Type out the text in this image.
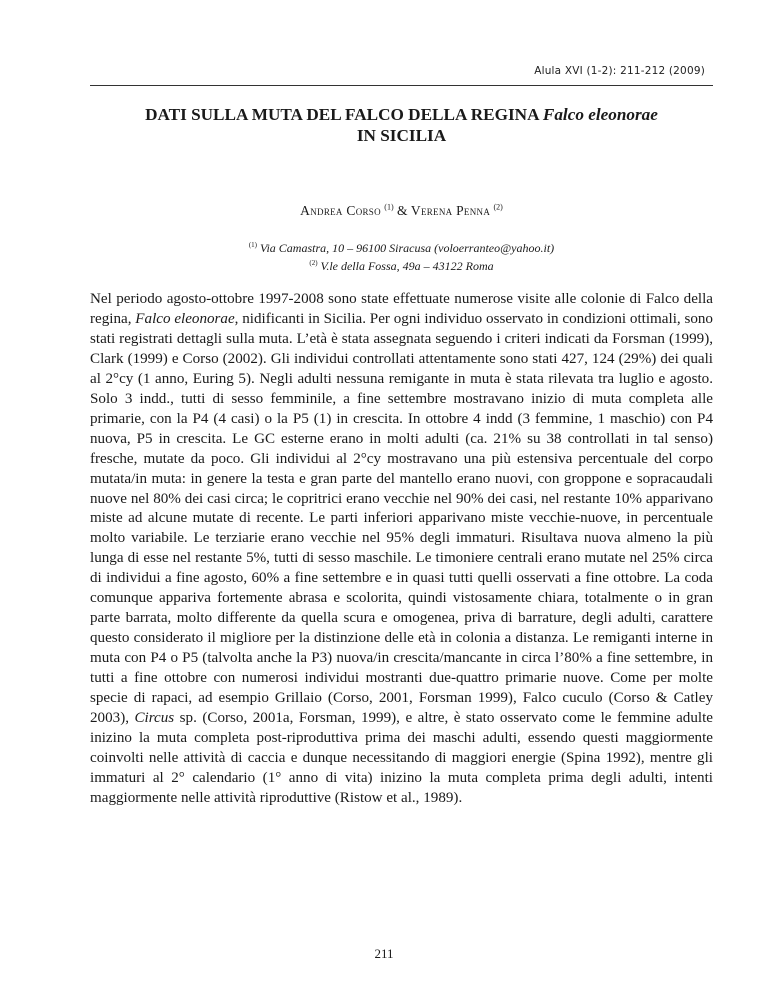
Alula XVI (1-2): 211-212 (2009)
DATI SULLA MUTA DEL FALCO DELLA REGINA Falco eleonorae
IN SICILIA
Andrea Corso $^{(1)}$ & Verena Penna $^{(2)}$
$^{(1)}$ Via Camastra, 10 – 96100 Siracusa (voloerranteo@yahoo.it)
$^{(2)}$ V.le della Fossa, 49a – 43122 Roma

Nel periodo agosto-ottobre 1997-2008 sono state effettuate numerose visite alle colonie di Falco della regina, Falco eleonorae, nidificanti in Sicilia. Per ogni individuo osservato in condizioni ottimali, sono stati registrati dettagli sulla muta. L’età è stata assegnata seguendo i criteri indicati da Forsman (1999), Clark (1999) e Corso (2002). Gli individui controllati attentamente sono stati 427, 124 (29%) dei quali al 2°cy (1 anno, Euring 5). Negli adulti nessuna remigante in muta è stata rilevata tra luglio e agosto. Solo 3 indd., tutti di sesso femminile, a fine settembre mostravano inizio di muta completa alle primarie, con la P4 (4 casi) o la P5 (1) in crescita. In ottobre 4 indd (3 femmine, 1 maschio) con P4 nuova, P5 in crescita. Le GC esterne erano in molti adulti (ca. 21% su 38 controllati in tal senso) fresche, mutate da poco. Gli individui al 2°cy mostravano una più estensiva percentuale del corpo mutata/in muta: in genere la testa e gran parte del mantello erano nuovi, con groppone e sopracaudali nuove nel 80% dei casi circa; le copritrici erano vecchie nel 90% dei casi, nel restante 10% apparivano miste ad alcune mutate di recente. Le parti inferiori apparivano miste vecchie-nuove, in percentuale molto variabile. Le terziarie erano vecchie nel 95% degli immaturi. Risultava nuova almeno la più lunga di esse nel restante 5%, tutti di sesso maschile. Le timoniere centrali erano mutate nel 25% circa di individui a fine agosto, 60% a fine settembre e in quasi tutti quelli osservati a fine ottobre. La coda comunque appariva fortemente abrasa e scolorita, quindi vistosamente chiara, totalmente o in gran parte barrata, molto differente da quella scura e omogenea, priva di barrature, degli adulti, carattere questo considerato il migliore per la distinzione delle età in colonia a distanza. Le remiganti interne in muta con P4 o P5 (talvolta anche la P3) nuova/in crescita/mancante in circa l’80% a fine settembre, in tutti a fine ottobre con numerosi individui mostranti due-quattro primarie nuove. Come per molte specie di rapaci, ad esempio Grillaio (Corso, 2001, Forsman 1999), Falco cuculo (Corso & Catley 2003), Circus sp. (Corso, 2001a, Forsman, 1999), e altre, è stato osservato come le femmine adulte inizino la muta completa post-riproduttiva prima dei maschi adulti, essendo questi maggiormente coinvolti nelle attività di caccia e dunque necessitando di maggiori energie (Spina 1992), mentre gli immaturi al 2° calendario (1° anno di vita) inizino la muta completa prima degli adulti, intenti maggiormente nelle attività riproduttive (Ristow et al., 1989).

211
